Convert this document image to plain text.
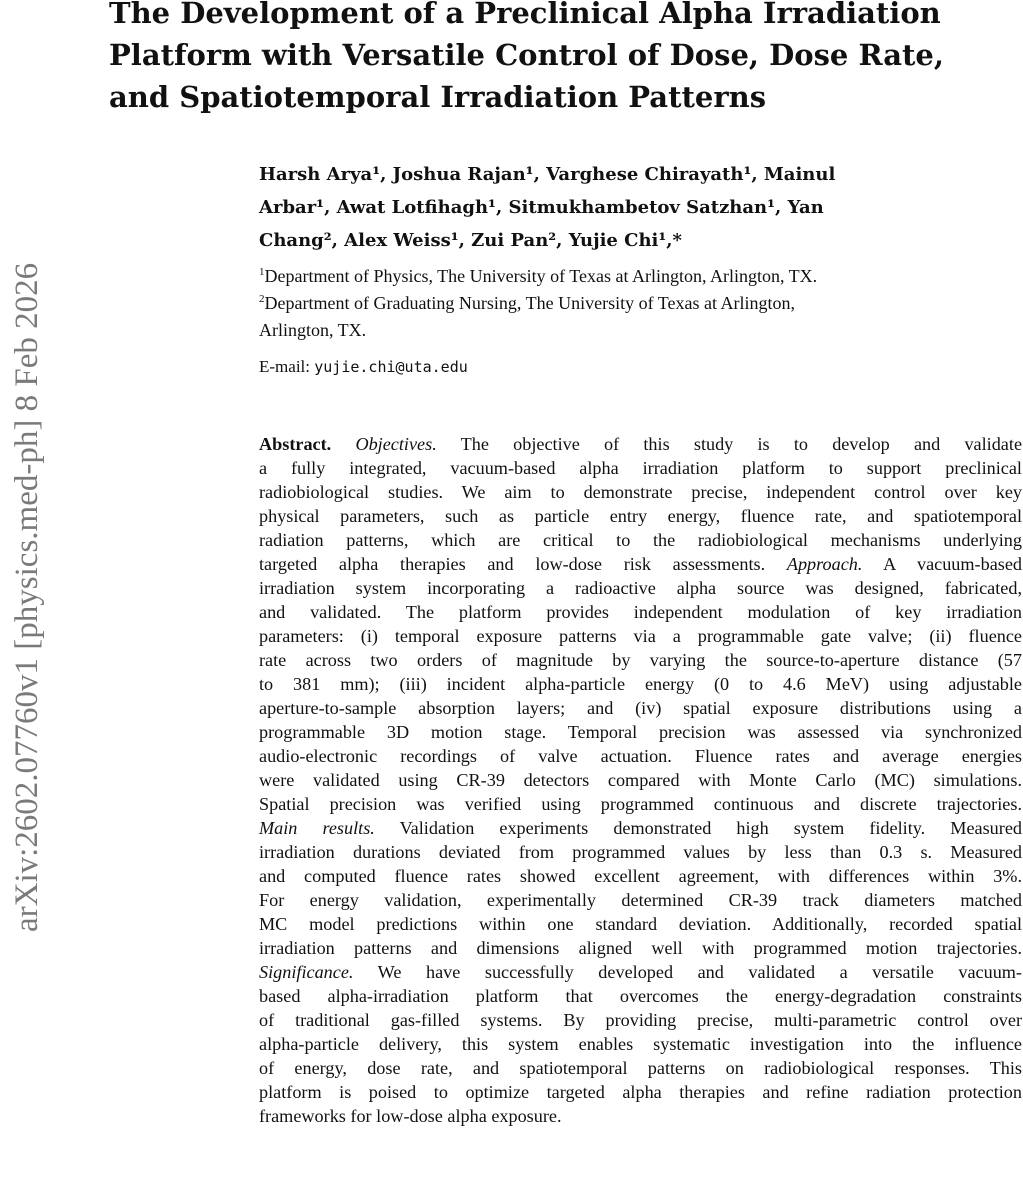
arXiv:2602.07760v1 [physics.med-ph] 8 Feb 2026
The Development of a Preclinical Alpha Irradiation
Platform with Versatile Control of Dose, Dose Rate,
and Spatiotemporal Irradiation Patterns
Harsh Arya¹, Joshua Rajan¹, Varghese Chirayath¹, Mainul
Arbar¹, Awat Lotfihagh¹, Sitmukhambetov Satzhan¹, Yan
Chang², Alex Weiss¹, Zui Pan², Yujie Chi¹,*
$^1$Department of Physics, The University of Texas at Arlington, Arlington, TX.
$^2$Department of Graduating Nursing, The University of Texas at Arlington,
Arlington, TX.
E-mail: yujie.chi@uta.edu
Abstract. Objectives. The objective of this study is to develop and validate
a fully integrated, vacuum-based alpha irradiation platform to support preclinical
radiobiological studies. We aim to demonstrate precise, independent control over key
physical parameters, such as particle entry energy, fluence rate, and spatiotemporal
radiation patterns, which are critical to the radiobiological mechanisms underlying
targeted alpha therapies and low-dose risk assessments. Approach. A vacuum-based
irradiation system incorporating a radioactive alpha source was designed, fabricated,
and validated. The platform provides independent modulation of key irradiation
parameters: (i) temporal exposure patterns via a programmable gate valve; (ii) fluence
rate across two orders of magnitude by varying the source-to-aperture distance (57
to 381 mm); (iii) incident alpha-particle energy (0 to 4.6 MeV) using adjustable
aperture-to-sample absorption layers; and (iv) spatial exposure distributions using a
programmable 3D motion stage. Temporal precision was assessed via synchronized
audio-electronic recordings of valve actuation. Fluence rates and average energies
were validated using CR-39 detectors compared with Monte Carlo (MC) simulations.
Spatial precision was verified using programmed continuous and discrete trajectories.
Main results. Validation experiments demonstrated high system fidelity. Measured
irradiation durations deviated from programmed values by less than 0.3 s. Measured
and computed fluence rates showed excellent agreement, with differences within 3%.
For energy validation, experimentally determined CR-39 track diameters matched
MC model predictions within one standard deviation. Additionally, recorded spatial
irradiation patterns and dimensions aligned well with programmed motion trajectories.
Significance. We have successfully developed and validated a versatile vacuum-
based alpha-irradiation platform that overcomes the energy-degradation constraints
of traditional gas-filled systems. By providing precise, multi-parametric control over
alpha-particle delivery, this system enables systematic investigation into the influence
of energy, dose rate, and spatiotemporal patterns on radiobiological responses. This
platform is poised to optimize targeted alpha therapies and refine radiation protection
frameworks for low-dose alpha exposure.
